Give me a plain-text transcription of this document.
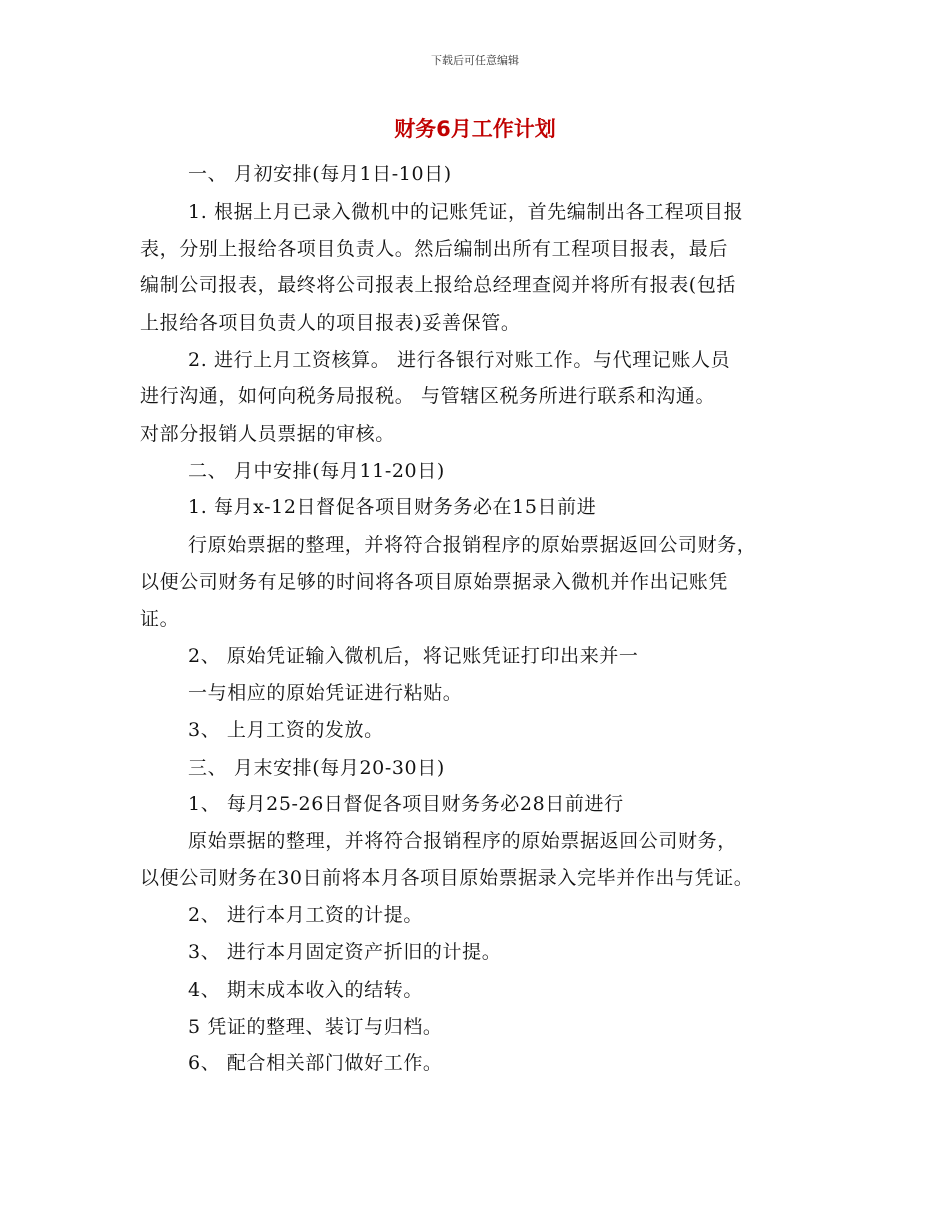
下载后可任意编辑
财务6月工作计划
一、 月初安排(每月1日-10日)
1. 根据上月已录入微机中的记账凭证，首先编制出各工程项目报
表，分别上报给各项目负责人。然后编制出所有工程项目报表，最后
编制公司报表，最终将公司报表上报给总经理查阅并将所有报表(包括
上报给各项目负责人的项目报表)妥善保管。
2. 进行上月工资核算。 进行各银行对账工作。与代理记账人员
进行沟通，如何向税务局报税。 与管辖区税务所进行联系和沟通。
对部分报销人员票据的审核。
二、 月中安排(每月11-20日)
1. 每月x-12日督促各项目财务务必在15日前进
行原始票据的整理，并将符合报销程序的原始票据返回公司财务，
以便公司财务有足够的时间将各项目原始票据录入微机并作出记账凭
证。
2、 原始凭证输入微机后，将记账凭证打印出来并一
一与相应的原始凭证进行粘贴。
3、 上月工资的发放。
三、 月末安排(每月20-30日)
1、 每月25-26日督促各项目财务务必28日前进行
原始票据的整理，并将符合报销程序的原始票据返回公司财务，
以便公司财务在30日前将本月各项目原始票据录入完毕并作出与凭证。
2、 进行本月工资的计提。
3、 进行本月固定资产折旧的计提。
4、 期末成本收入的结转。
5 凭证的整理、装订与归档。
6、 配合相关部门做好工作。
